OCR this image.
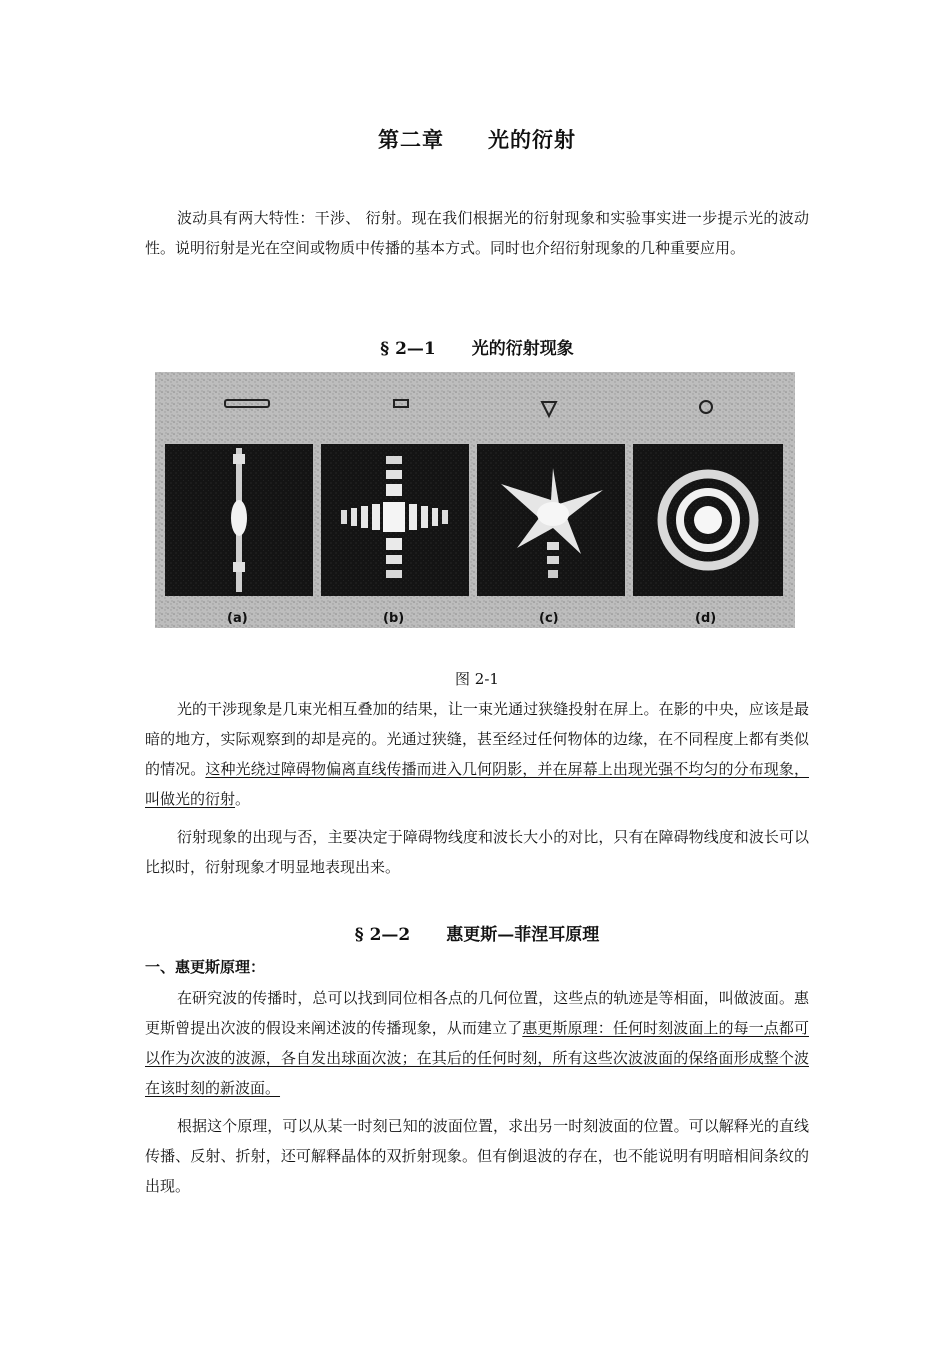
第二章 光的衍射

波动具有两大特性：干涉、 衍射。现在我们根据光的衍射现象和实验事实进一步提示光的波动性。说明衍射是光在空间或物质中传播的基本方式。同时也介绍衍射现象的几种重要应用。

§ 2—1 光的衍射现象
(a)	(b)	(c)	(d)
图 2-1

光的干涉现象是几束光相互叠加的结果，让一束光通过狭缝投射在屏上。在影的中央，应该是最暗的地方，实际观察到的却是亮的。光通过狭缝，甚至经过任何物体的边缘，在不同程度上都有类似的情况。这种光绕过障碍物偏离直线传播而进入几何阴影，并在屏幕上出现光强不均匀的分布现象，叫做光的衍射。

衍射现象的出现与否，主要决定于障碍物线度和波长大小的对比，只有在障碍物线度和波长可以比拟时，衍射现象才明显地表现出来。

§ 2—2 惠更斯—菲涅耳原理
一、惠更斯原理：

在研究波的传播时，总可以找到同位相各点的几何位置，这些点的轨迹是等相面，叫做波面。惠更斯曾提出次波的假设来阐述波的传播现象，从而建立了惠更斯原理：任何时刻波面上的每一点都可以作为次波的波源，各自发出球面次波；在其后的任何时刻，所有这些次波波面的保络面形成整个波在该时刻的新波面。

根据这个原理，可以从某一时刻已知的波面位置，求出另一时刻波面的位置。可以解释光的直线传播、反射、折射，还可解释晶体的双折射现象。但有倒退波的存在，也不能说明有明暗相间条纹的出现。
